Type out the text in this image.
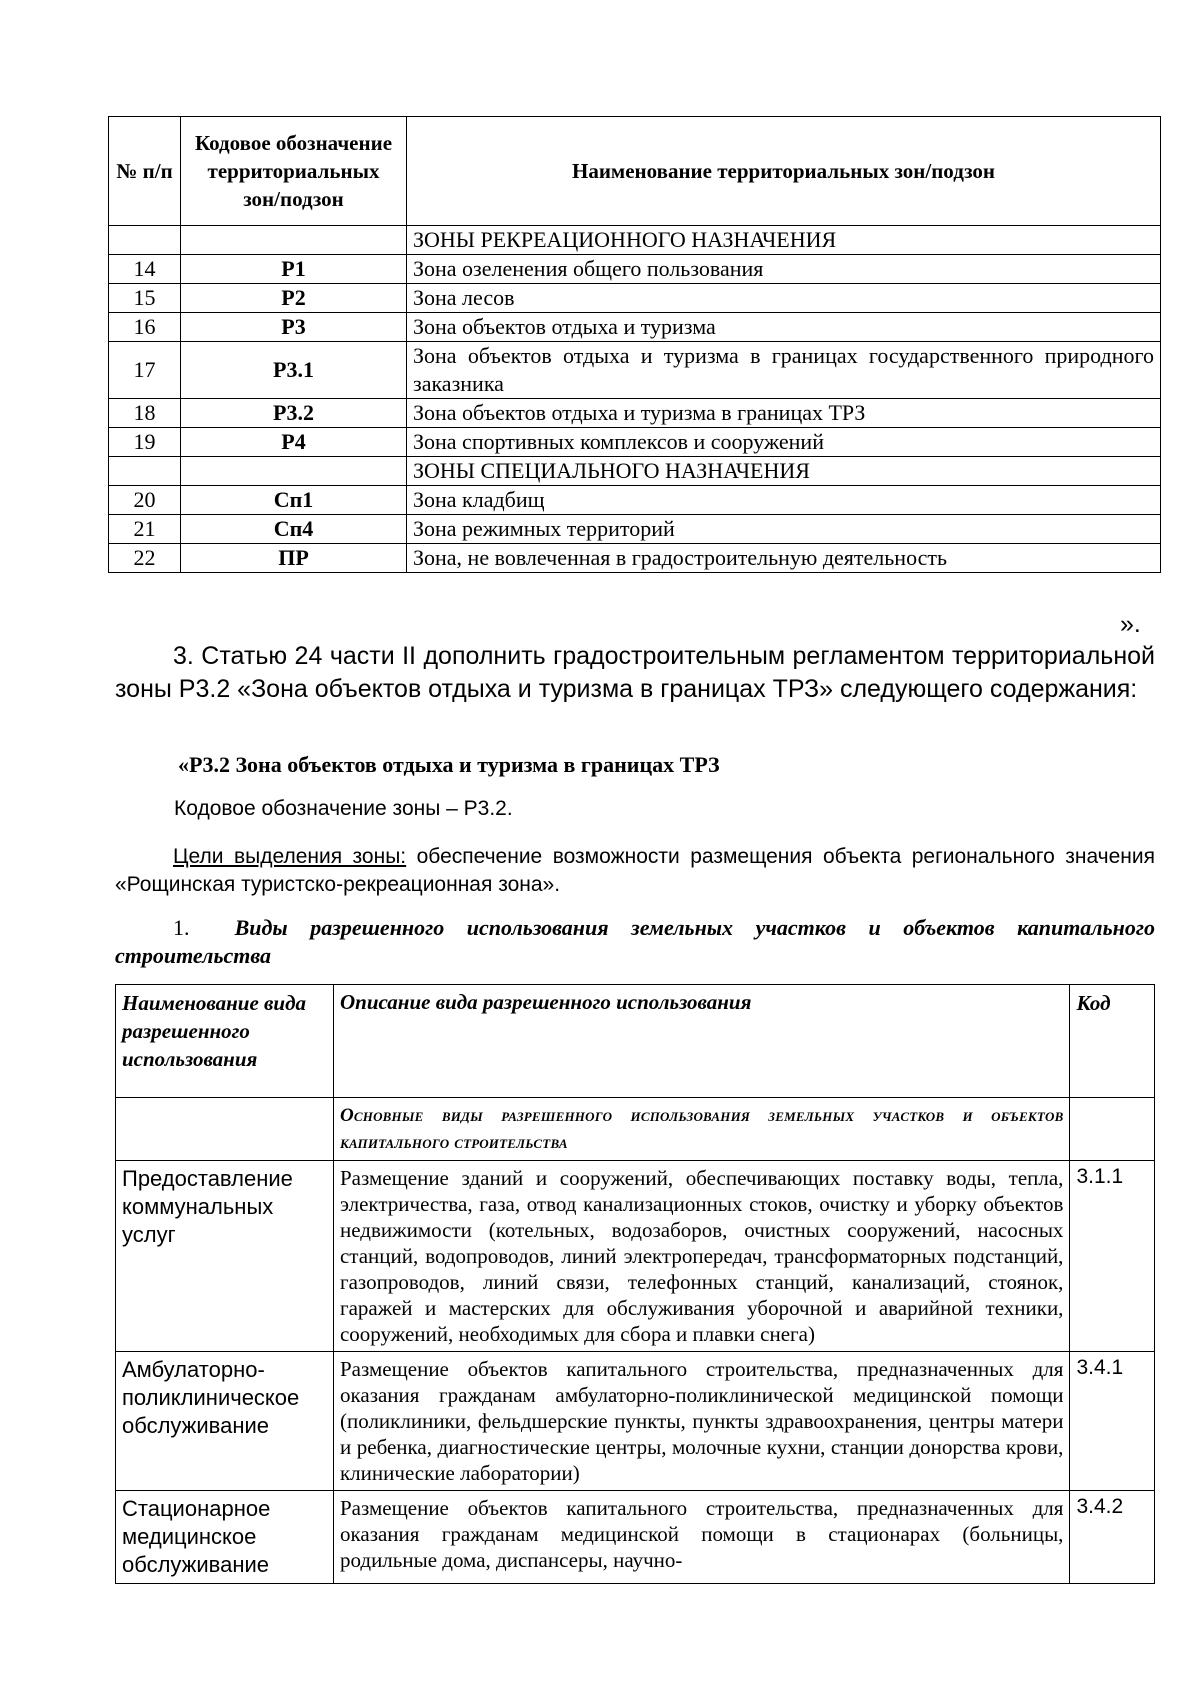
№ п/п	Кодовое обозначение территориальных зон/подзон	Наименование территориальных зон/подзон
		ЗОНЫ РЕКРЕАЦИОННОГО НАЗНАЧЕНИЯ
14	Р1	Зона озеленения общего пользования
15	Р2	Зона лесов
16	Р3	Зона объектов отдыха и туризма
17	Р3.1	Зона объектов отдыха и туризма в границах государственного природного заказника
18	Р3.2	Зона объектов отдыха и туризма в границах ТРЗ
19	Р4	Зона спортивных комплексов и сооружений
		ЗОНЫ СПЕЦИАЛЬНОГО НАЗНАЧЕНИЯ
20	Сп1	Зона кладбищ
21	Сп4	Зона режимных территорий
22	ПР	Зона, не вовлеченная в градостроительную деятельность
».
3. Статью 24 части II дополнить градостроительным регламентом территориальной зоны Р3.2 «Зона объектов отдыха и туризма в границах ТРЗ» следующего содержания:
«Р3.2 Зона объектов отдыха и туризма в границах ТРЗ
Кодовое обозначение зоны – Р3.2.
Цели выделения зоны: обеспечение возможности размещения объекта регионального значения «Рощинская туристско-рекреационная зона».
1. Виды разрешенного использования земельных участков и объектов капитального строительства
Наименование вида разрешенного использования	Описание вида разрешенного использования	Код
	Основные виды разрешенного использования земельных участков и объектов капитального строительства	
Предоставление коммунальных услуг	Размещение зданий и сооружений, обеспечивающих поставку воды, тепла, электричества, газа, отвод канализационных стоков, очистку и уборку объектов недвижимости (котельных, водозаборов, очистных сооружений, насосных станций, водопроводов, линий электропередач, трансформаторных подстанций, газопроводов, линий связи, телефонных станций, канализаций, стоянок, гаражей и мастерских для обслуживания уборочной и аварийной техники, сооружений, необходимых для сбора и плавки снега)	3.1.1
Амбулаторно-поликлиническое обслуживание	Размещение объектов капитального строительства, предназначенных для оказания гражданам амбулаторно-поликлинической медицинской помощи (поликлиники, фельдшерские пункты, пункты здравоохранения, центры матери и ребенка, диагностические центры, молочные кухни, станции донорства крови, клинические лаборатории)	3.4.1
Стационарное медицинское обслуживание	Размещение объектов капитального строительства, предназначенных для оказания гражданам медицинской помощи в стационарах (больницы, родильные дома, диспансеры, научно-	3.4.2
